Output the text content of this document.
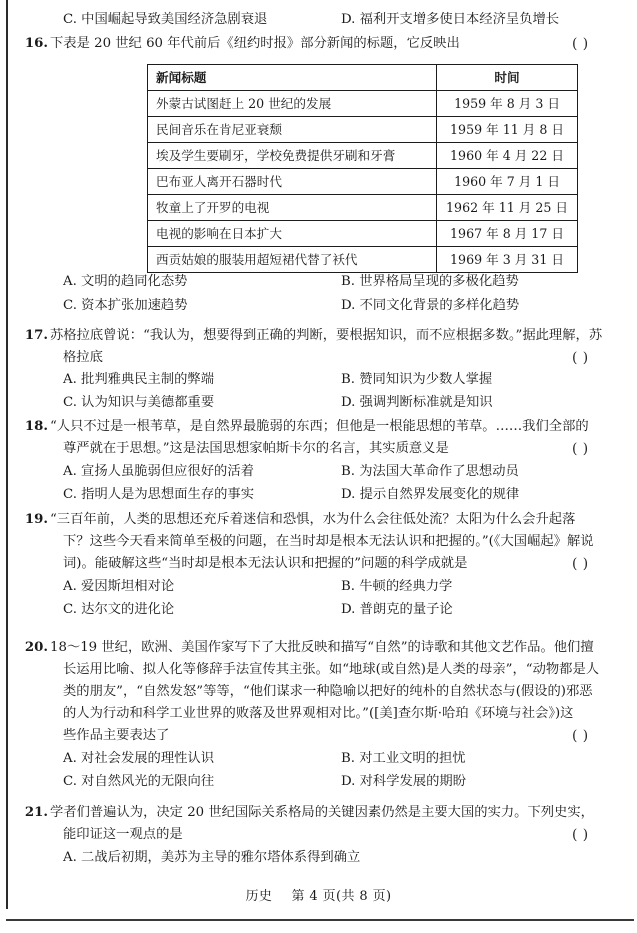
C. 中国崛起导致美国经济急剧衰退	D. 福利开支增多使日本经济呈负增长
16. 下表是 20 世纪 60 年代前后《纽约时报》部分新闻的标题，它反映出	( )
新闻标题	时间
外蒙古试图赶上 20 世纪的发展	1959 年 8 月 3 日
民间音乐在肯尼亚衰颓	1959 年 11 月 8 日
埃及学生要刷牙，学校免费提供牙刷和牙膏	1960 年 4 月 22 日
巴布亚人离开石器时代	1960 年 7 月 1 日
牧童上了开罗的电视	1962 年 11 月 25 日
电视的影响在日本扩大	1967 年 8 月 17 日
西贡姑娘的服装用超短裙代替了袄代	1969 年 3 月 31 日
A. 文明的趋同化态势	B. 世界格局呈现的多极化趋势
C. 资本扩张加速趋势	D. 不同文化背景的多样化趋势
17. 苏格拉底曾说：“我认为，想要得到正确的判断，要根据知识，而不应根据多数。”据此理解，苏
格拉底	( )
A. 批判雅典民主制的弊端	B. 赞同知识为少数人掌握
C. 认为知识与美德都重要	D. 强调判断标准就是知识
18. “人只不过是一根苇草，是自然界最脆弱的东西；但他是一根能思想的苇草。……我们全部的
尊严就在于思想。”这是法国思想家帕斯卡尔的名言，其实质意义是	( )
A. 宣扬人虽脆弱但应很好的活着	B. 为法国大革命作了思想动员
C. 指明人是为思想面生存的事实	D. 提示自然界发展变化的规律
19. “三百年前，人类的思想还充斥着迷信和恐惧，水为什么会往低处流？太阳为什么会升起落
下？这些今天看来简单至极的问题，在当时却是根本无法认识和把握的。”(《大国崛起》解说
词)。能破解这些“当时却是根本无法认识和把握的”问题的科学成就是	( )
A. 爱因斯坦相对论	B. 牛顿的经典力学
C. 达尔文的进化论	D. 普朗克的量子论
20. 18～19 世纪，欧洲、美国作家写下了大批反映和描写“自然”的诗歌和其他文艺作品。他们擅
长运用比喻、拟人化等修辞手法宣传其主张。如“地球(或自然)是人类的母亲”，“动物都是人
类的朋友”，“自然发怒”等等，“他们谋求一种隐喻以把好的纯朴的自然状态与(假设的)邪恶
的人为行动和科学工业世界的败落及世界观相对比。”([美]查尔斯·哈珀《环境与社会》)这
些作品主要表达了	( )
A. 对社会发展的理性认识	B. 对工业文明的担忧
C. 对自然风光的无限向往	D. 对科学发展的期盼
21. 学者们普遍认为，决定 20 世纪国际关系格局的关键因素仍然是主要大国的实力。下列史实，
能印证这一观点的是	( )
A. 二战后初期，美苏为主导的雅尔塔体系得到确立
历史 第 4 页(共 8 页)
